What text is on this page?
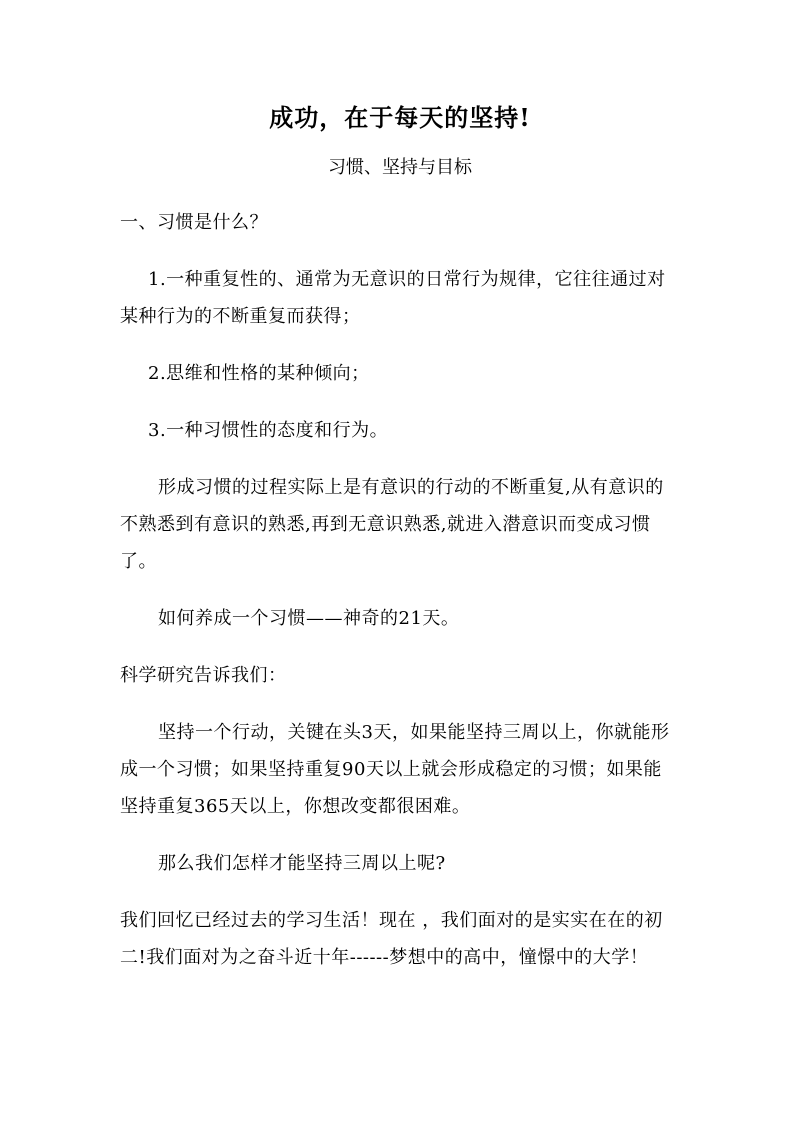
成功，在于每天的坚持!
习惯、坚持与目标

一、习惯是什么？

1.一种重复性的、通常为无意识的日常行为规律，它往往通过对某种行为的不断重复而获得；

2.思维和性格的某种倾向；

3.一种习惯性的态度和行为。

形成习惯的过程实际上是有意识的行动的不断重复,从有意识的不熟悉到有意识的熟悉,再到无意识熟悉,就进入潜意识而变成习惯了。

如何养成一个习惯——神奇的21天。

科学研究告诉我们：

坚持一个行动，关键在头3天，如果能坚持三周以上，你就能形成一个习惯；如果坚持重复90天以上就会形成稳定的习惯；如果能坚持重复365天以上，你想改变都很困难。

那么我们怎样才能坚持三周以上呢?

我们回忆已经过去的学习生活！现在 ，我们面对的是实实在在的初二!我们面对为之奋斗近十年------梦想中的高中，憧憬中的大学！
